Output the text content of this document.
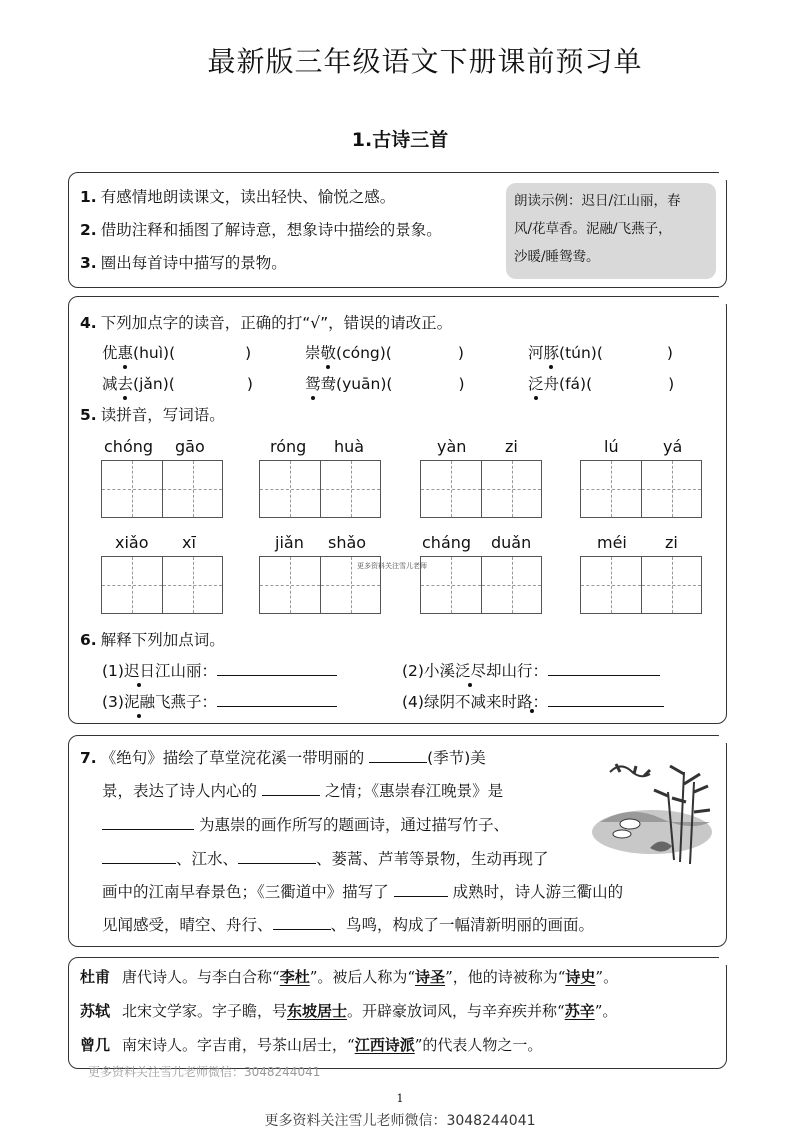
最新版三年级语文下册课前预习单
1.古诗三首
1. 有感情地朗读课文，读出轻快、愉悦之感。
2. 借助注释和插图了解诗意，想象诗中描绘的景象。
3. 圈出每首诗中描写的景物。
朗读示例：迟日/江山丽，春
风/花草香。泥融/飞燕子，
沙暖/睡鸳鸯。
4. 下列加点字的读音，正确的打“√”，错误的请改正。
优惠(huì)(	)	崇敬(cóng)(	)	河豚(tún)(	)
减去(jǎn)(	)	鸳鸯(yuān)(	)	泛舟(fá)(	)
5. 读拼音，写词语。
chóng gāo	róng huà	yàn zi	lú	yá
xiǎo xī	jiǎn shǎo	cháng duǎn	méi zi
更多资料关注雪儿老师
6. 解释下列加点词。
(1)迟日江山丽：	(2)小溪泛尽却山行：
(3)泥融飞燕子：	(4)绿阴不减来时路：
7. 《绝句》描绘了草堂浣花溪一带明丽的	(季节)美
景，表达了诗人内心的	之情；《惠崇春江晚景》是
为惠崇的画作所写的题画诗，通过描写竹子、
、江水、	、蒌蒿、芦苇等景物，生动再现了
画中的江南早春景色；《三衢道中》描写了	成熟时，诗人游三衢山的
见闻感受，晴空、舟行、	、鸟鸣，构成了一幅清新明丽的画面。
杜甫 唐代诗人。与李白合称“李杜”。被后人称为“诗圣”，他的诗被称为“诗史”。
苏轼 北宋文学家。字子瞻，号东坡居士。开辟豪放词风，与辛弃疾并称“苏辛”。
曾几 南宋诗人。字吉甫，号茶山居士，“江西诗派”的代表人物之一。
更多资料关注雪儿老师微信：3048244041
1
更多资料关注雪儿老师微信：3048244041
